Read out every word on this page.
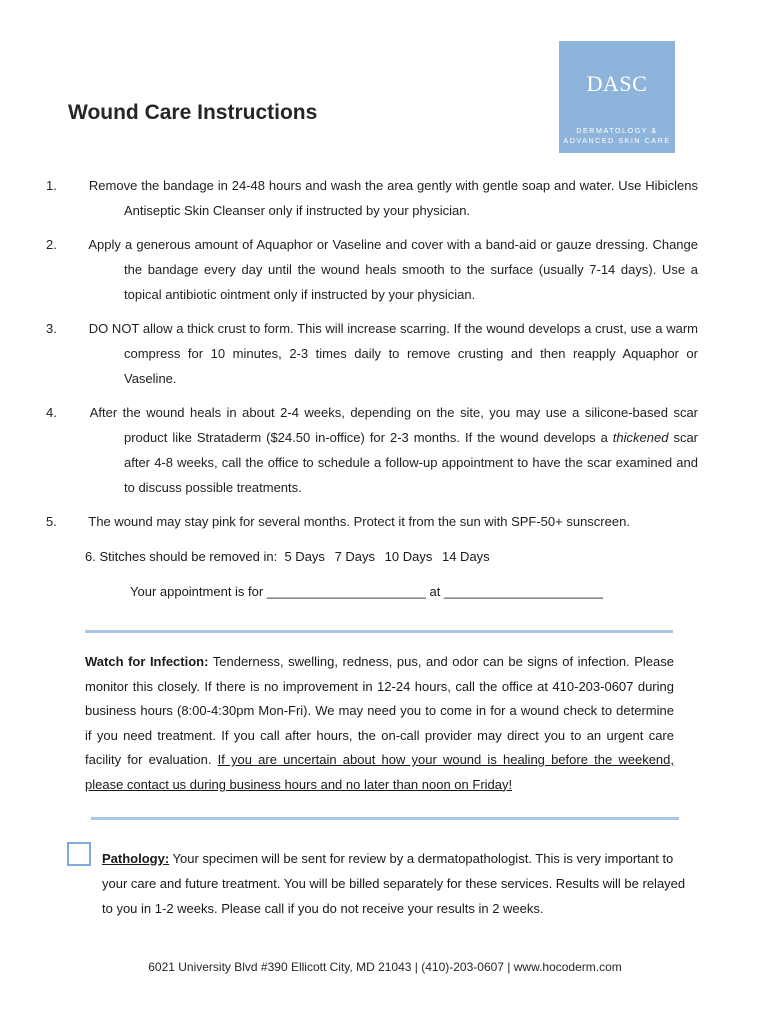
Wound Care Instructions
DASC
DERMATOLOGY &
ADVANCED SKIN CARE
1. Remove the bandage in 24-48 hours and wash the area gently with gentle soap and water. Use Hibiclens Antiseptic Skin Cleanser only if instructed by your physician.
2. Apply a generous amount of Aquaphor or Vaseline and cover with a band-aid or gauze dressing. Change the bandage every day until the wound heals smooth to the surface (usually 7-14 days). Use a topical antibiotic ointment only if instructed by your physician.
3. DO NOT allow a thick crust to form. This will increase scarring. If the wound develops a crust, use a warm compress for 10 minutes, 2-3 times daily to remove crusting and then reapply Aquaphor or Vaseline.
4.	After the wound heals in about 2-4 weeks, depending on the site, you may use a silicone-based scar product like Strataderm ($24.50 in-office) for 2-3 months. If the wound develops a thickened scar after 4-8 weeks, call the office to schedule a follow-up appointment to have the scar examined and to discuss possible treatments.
5. The wound may stay pink for several months. Protect it from the sun with SPF-50+ sunscreen.
6. Stitches should be removed in: 5 Days 7 Days 10 Days 14 Days
Your appointment is for ______________________ at ______________________
Watch for Infection: Tenderness, swelling, redness, pus, and odor can be signs of infection. Please monitor this closely. If there is no improvement in 12-24 hours, call the office at 410-203-0607 during business hours (8:00-4:30pm Mon-Fri). We may need you to come in for a wound check to determine if you need treatment. If you call after hours, the on-call provider may direct you to an urgent care facility for evaluation. If you are uncertain about how your wound is healing before the weekend, please contact us during business hours and no later than noon on Friday!
Pathology: Your specimen will be sent for review by a dermatopathologist. This is very important to your care and future treatment. You will be billed separately for these services. Results will be relayed to you in 1-2 weeks. Please call if you do not receive your results in 2 weeks.
6021 University Blvd #390 Ellicott City, MD 21043 | (410)-203-0607 | www.hocoderm.com
